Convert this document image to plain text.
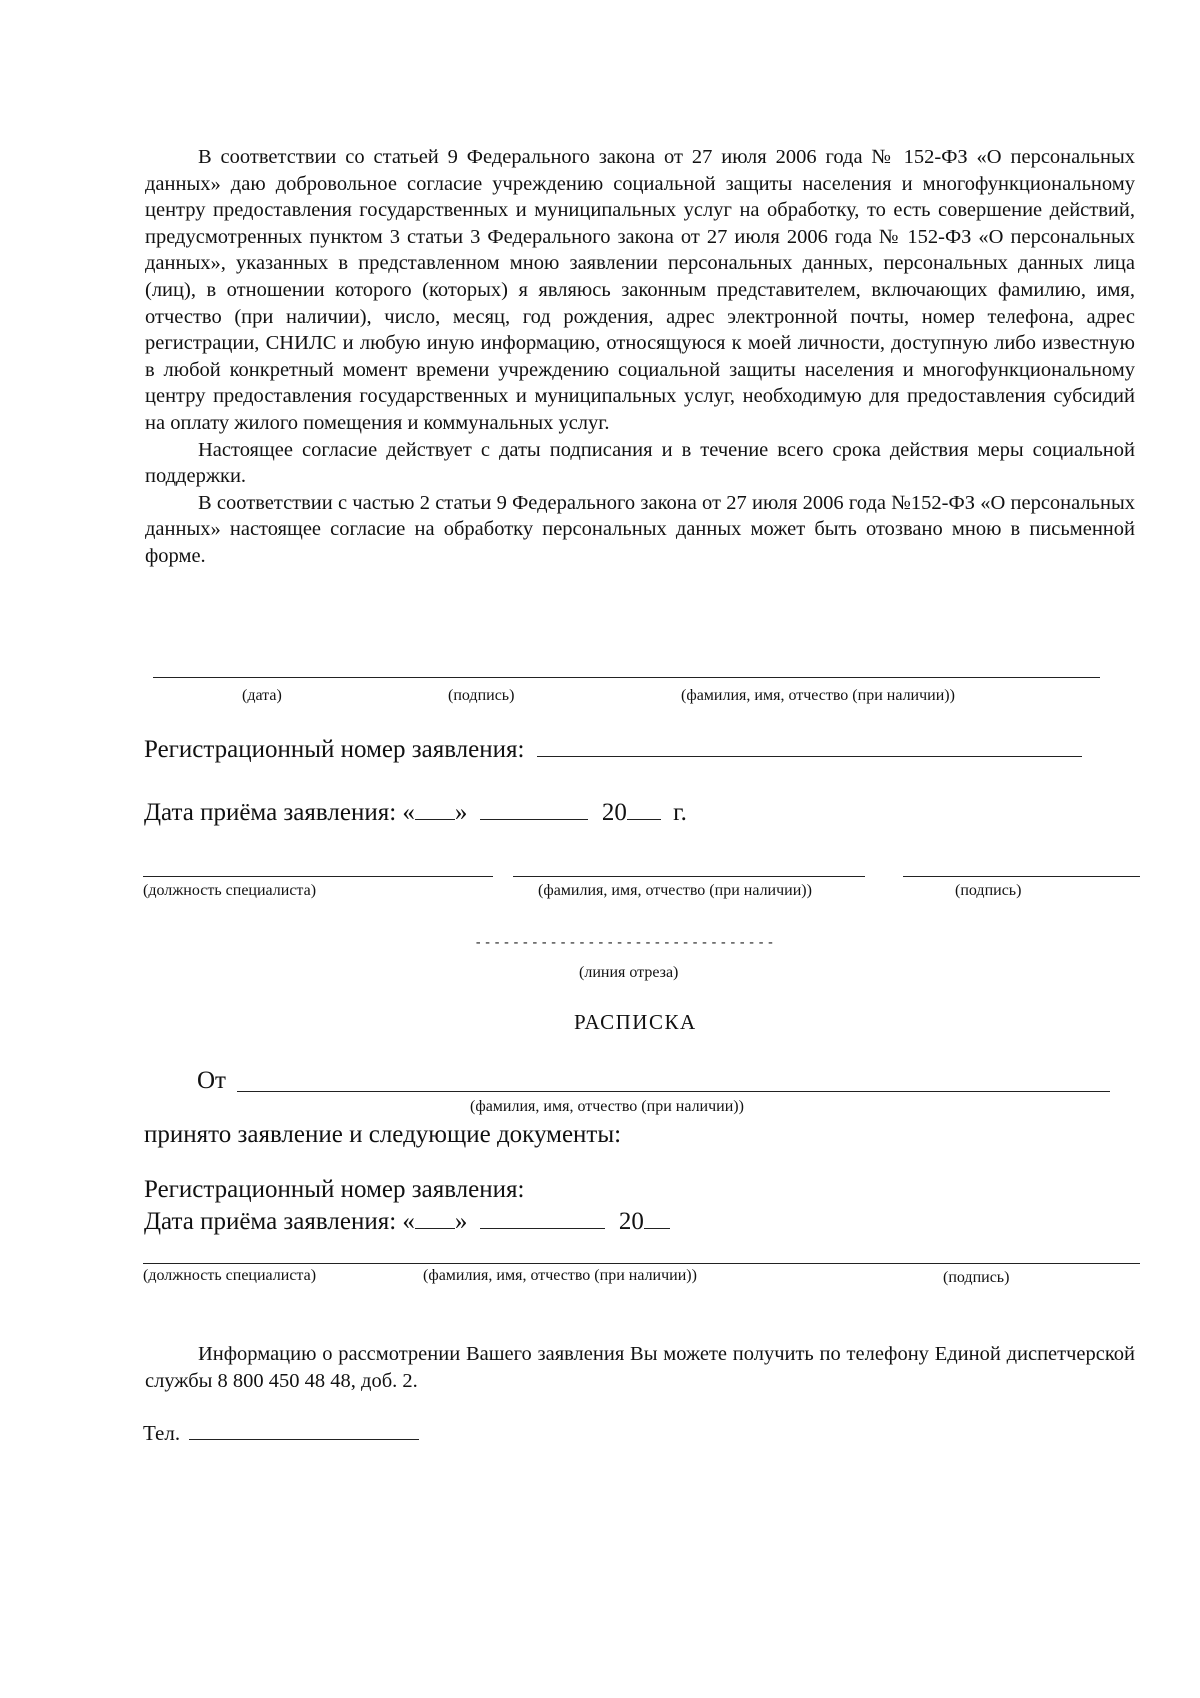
В соответствии со статьей 9 Федерального закона от 27 июля 2006 года № 152-ФЗ «О персональных данных» даю добровольное согласие учреждению социальной защиты населения и многофункциональному центру предоставления государственных и муниципальных услуг на обработку, то есть совершение действий, предусмотренных пунктом 3 статьи 3 Федерального закона от 27 июля 2006 года № 152-ФЗ «О персональных данных», указанных в представленном мною заявлении персональных данных, персональных данных лица (лиц), в отношении которого (которых) я являюсь законным представителем, включающих фамилию, имя, отчество (при наличии), число, месяц, год рождения, адрес электронной почты, номер телефона, адрес регистрации, СНИЛС и любую иную информацию, относящуюся к моей личности, доступную либо известную в любой конкретный момент времени учреждению социальной защиты населения и многофункциональному центру предоставления государственных и муниципальных услуг, необходимую для предоставления субсидий на оплату жилого помещения и коммунальных услуг.

Настоящее согласие действует с даты подписания и в течение всего срока действия меры социальной поддержки.

В соответствии с частью 2 статьи 9 Федерального закона от 27 июля 2006 года №152-ФЗ «О персональных данных» настоящее согласие на обработку персональных данных может быть отозвано мною в письменной форме.

(дата)	(подпись)	(фамилия, имя, отчество (при наличии))
Регистрационный номер заявления:
Дата приёма заявления: « »	20 г.
(должность специалиста)	(фамилия, имя, отчество (при наличии))	(подпись)
--------------------------------
(линия отреза)
РАСПИСКА
От
(фамилия, имя, отчество (при наличии))
принято заявление и следующие документы:
Регистрационный номер заявления:
Дата приёма заявления: « »	20
(должность специалиста)	(фамилия, имя, отчество (при наличии))	(подпись)

Информацию о рассмотрении Вашего заявления Вы можете получить по телефону Единой диспетчерской службы 8 800 450 48 48, доб. 2.

Тел.
